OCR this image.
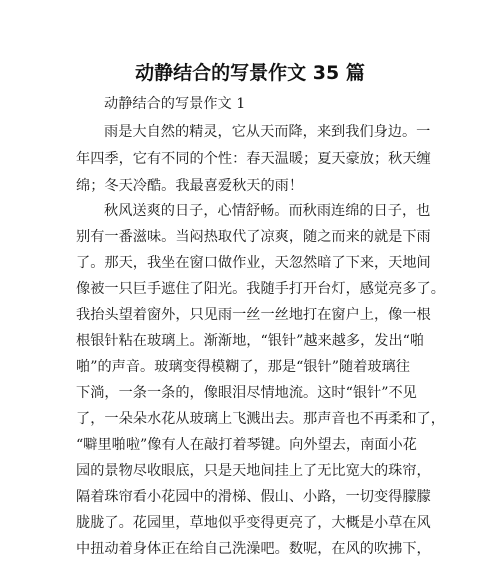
动静结合的写景作文 35 篇
动静结合的写景作文 1
雨是大自然的精灵，它从天而降，来到我们身边。一
年四季，它有不同的个性：春天温暖；夏天豪放；秋天缠
绵；冬天冷酷。我最喜爱秋天的雨！
秋风送爽的日子，心情舒畅。而秋雨连绵的日子，也
别有一番滋味。当闷热取代了凉爽，随之而来的就是下雨
了。那天，我坐在窗口做作业，天忽然暗了下来，天地间
像被一只巨手遮住了阳光。我随手打开台灯，感觉亮多了。
我抬头望着窗外，只见雨一丝一丝地打在窗户上，像一根
根银针粘在玻璃上。渐渐地，“银针”越来越多，发出“啪
啪”的声音。玻璃变得模糊了，那是“银针”随着玻璃往
下淌，一条一条的，像眼泪尽情地流。这时“银针”不见
了，一朵朵水花从玻璃上飞溅出去。那声音也不再柔和了，
“噼里啪啦”像有人在敲打着琴键。向外望去，南面小花
园的景物尽收眼底，只是天地间挂上了无比宽大的珠帘，
隔着珠帘看小花园中的滑梯、假山、小路，一切变得朦朦
胧胧了。花园里，草地似乎变得更亮了，大概是小草在风
中扭动着身体正在给自己洗澡吧。数呢，在风的吹拂下，
